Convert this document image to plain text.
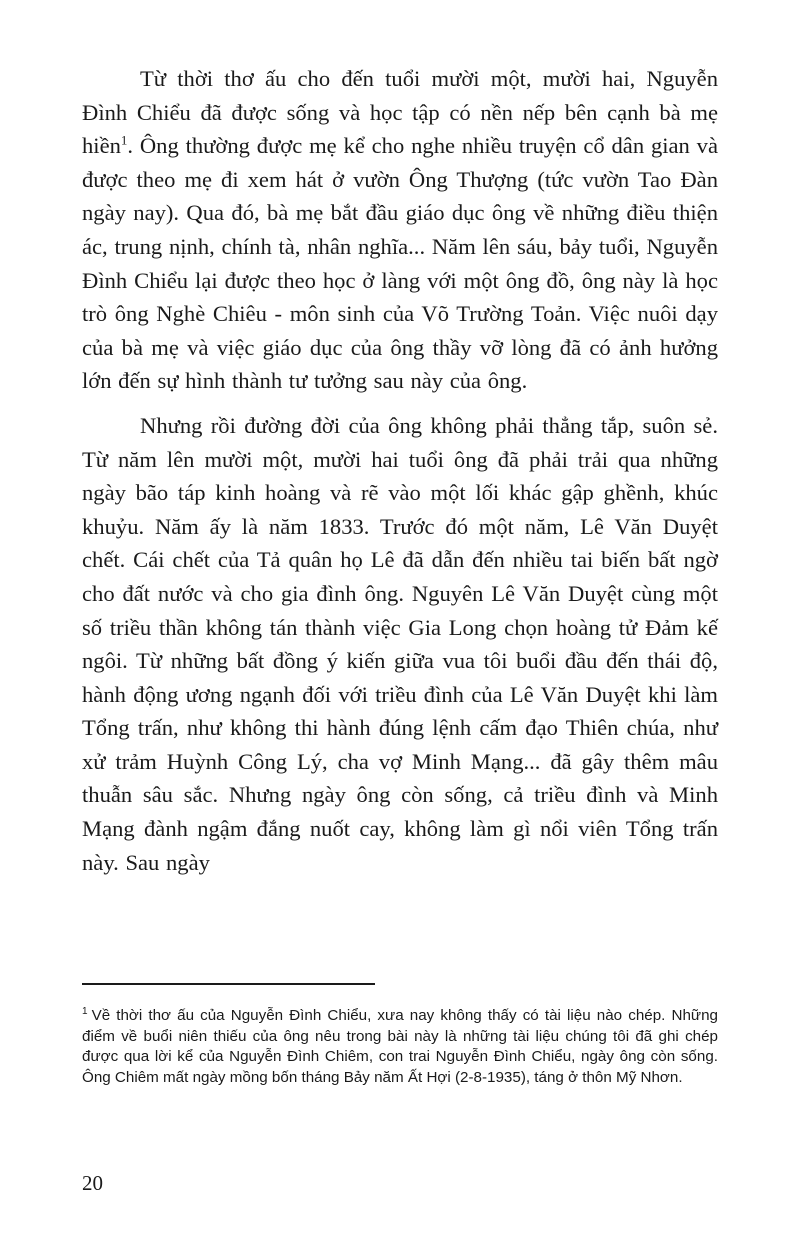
Từ thời thơ ấu cho đến tuổi mười một, mười hai, Nguyễn Đình Chiểu đã được sống và học tập có nền nếp bên cạnh bà mẹ hiền$^1$. Ông thường được mẹ kể cho nghe nhiều truyện cổ dân gian và được theo mẹ đi xem hát ở vườn Ông Thượng (tức vườn Tao Đàn ngày nay). Qua đó, bà mẹ bắt đầu giáo dục ông về những điều thiện ác, trung nịnh, chính tà, nhân nghĩa... Năm lên sáu, bảy tuổi, Nguyễn Đình Chiểu lại được theo học ở làng với một ông đồ, ông này là học trò ông Nghè Chiêu - môn sinh của Võ Trường Toản. Việc nuôi dạy của bà mẹ và việc giáo dục của ông thầy vỡ lòng đã có ảnh hưởng lớn đến sự hình thành tư tưởng sau này của ông.

Nhưng rồi đường đời của ông không phải thẳng tắp, suôn sẻ. Từ năm lên mười một, mười hai tuổi ông đã phải trải qua những ngày bão táp kinh hoàng và rẽ vào một lối khác gập ghềnh, khúc khuỷu. Năm ấy là năm 1833. Trước đó một năm, Lê Văn Duyệt chết. Cái chết của Tả quân họ Lê đã dẫn đến nhiều tai biến bất ngờ cho đất nước và cho gia đình ông. Nguyên Lê Văn Duyệt cùng một số triều thần không tán thành việc Gia Long chọn hoàng tử Đảm kế ngôi. Từ những bất đồng ý kiến giữa vua tôi buổi đầu đến thái độ, hành động ương ngạnh đối với triều đình của Lê Văn Duyệt khi làm Tổng trấn, như không thi hành đúng lệnh cấm đạo Thiên chúa, như xử trảm Huỳnh Công Lý, cha vợ Minh Mạng... đã gây thêm mâu thuẫn sâu sắc. Nhưng ngày ông còn sống, cả triều đình và Minh Mạng đành ngậm đắng nuốt cay, không làm gì nổi viên Tổng trấn này. Sau ngày

$^1$ Về thời thơ ấu của Nguyễn Đình Chiểu, xưa nay không thấy có tài liệu nào chép. Những điểm về buổi niên thiếu của ông nêu trong bài này là những tài liệu chúng tôi đã ghi chép được qua lời kể của Nguyễn Đình Chiêm, con trai Nguyễn Đình Chiểu, ngày ông còn sống. Ông Chiêm mất ngày mồng bốn tháng Bảy năm Ất Hợi (2-8-1935), táng ở thôn Mỹ Nhơn.

20
